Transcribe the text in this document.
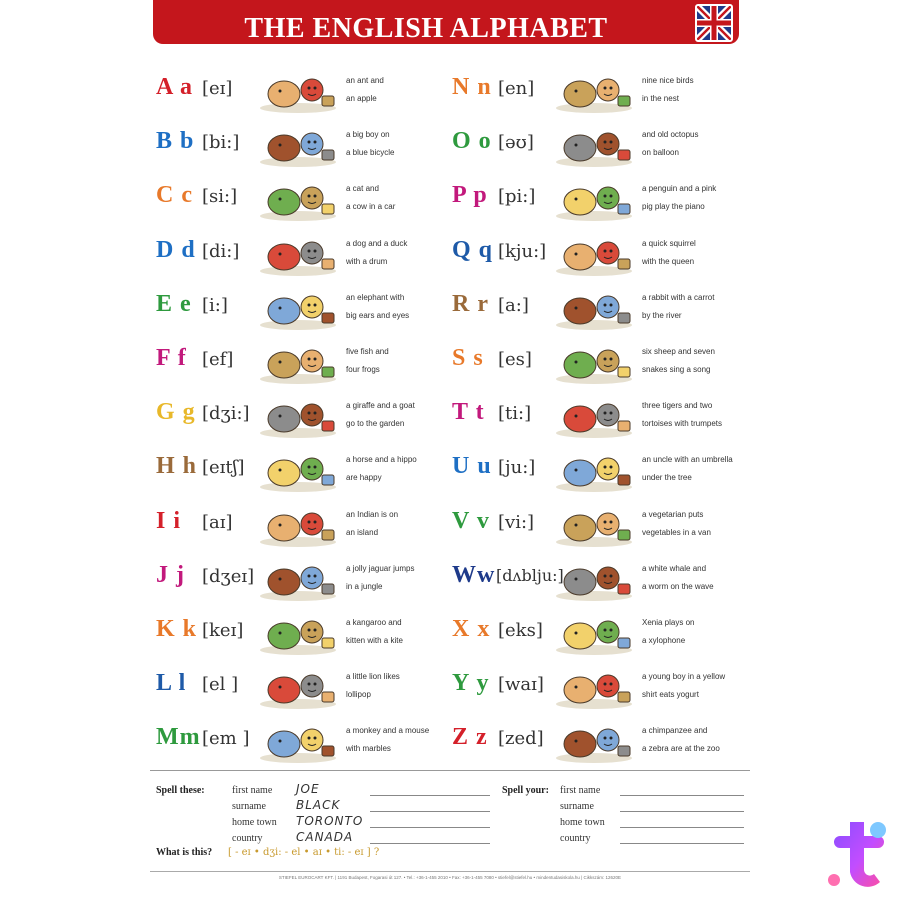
THE ENGLISH ALPHABET
A a [eɪ]	an ant and
an apple
B b [bi:]	a big boy on
a blue bicycle
C c [si:]	a cat and
a cow in a car
D d [di:]	a dog and a duck
with a drum
E e [i:]	an elephant with
big ears and eyes
F f [ef]	five fish and
four frogs
G g [dʒi:]	a giraffe and a goat
go to the garden
H h [eɪtʃ]	a horse and a hippo
are happy
I i	[aɪ]	an Indian is on
an island
J j [dʒeɪ]	a jolly jaguar jumps
in a jungle
K k [keɪ]	a kangaroo and
kitten with a kite
L l [el ]	a little lion likes
lollipop
Mm [em ]	a monkey and a mouse
with marbles
N n [en]	nine nice birds
in the nest
O o [əʊ]	and old octopus
on balloon
P p [pi:]	a penguin and a pink
pig play the piano
Q q [kju:]	a quick squirrel
with the queen
R r [a:]	a rabbit with a carrot
by the river
S s [es]	six sheep and seven
snakes sing a song
T t [ti:]	three tigers and two
tortoises with trumpets
U u [ju:]	an uncle with an umbrella
under the tree
V v [vi:]	a vegetarian puts
vegetables in a van
Ww [dʌblju:]	a white whale and
a worm on the wave
X x [eks]	Xenia plays on
a xylophone
Y y [waɪ]	a young boy in a yellow
shirt eats yogurt
Z z [zed]	a chimpanzee and
a zebra are at the zoo
Spell these:	first name JOE
surname	BLACK
home town TORONTO
country	CANADA
Spell your: first name
surname
home town
country
What is this? [ - eɪ • dʒi: - el • aɪ • ti: - eɪ ] ?
STIEFEL EUROCART KFT. | 1191 Budapest, Fogarasi út 127. • Tel.: +36-1-455 2010 • Fax: +36-1-455 7080 • stiefel@stiefel.hu • mindentudasiskola.hu | Cikkszám: 12620E
